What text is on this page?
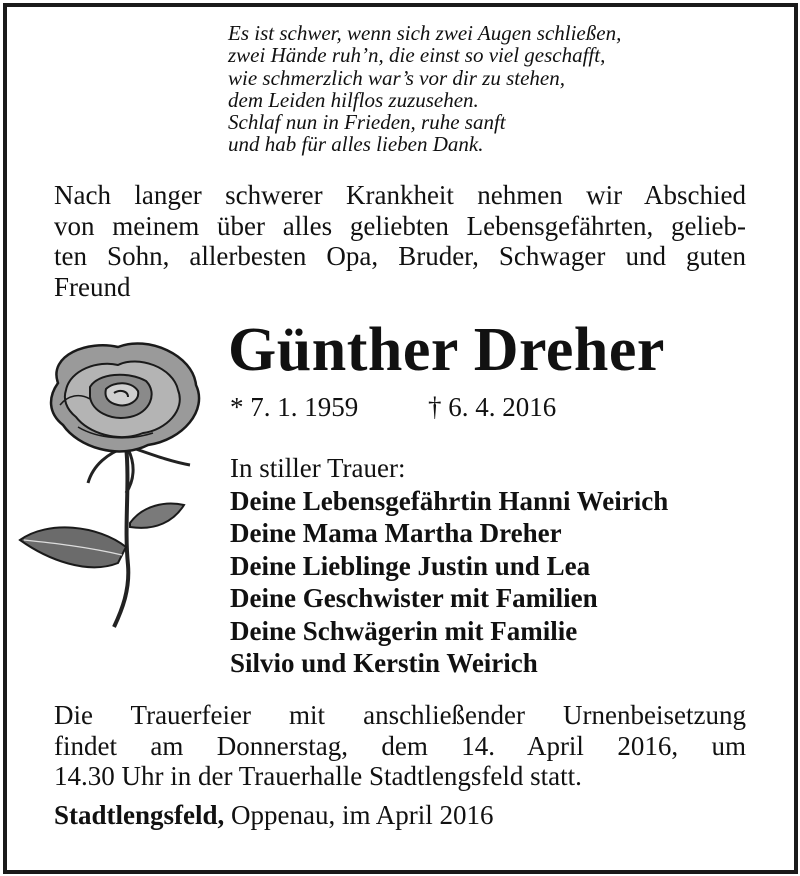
Es ist schwer, wenn sich zwei Augen schließen,
zwei Hände ruh’n, die einst so viel geschafft,
wie schmerzlich war’s vor dir zu stehen,
dem Leiden hilflos zuzusehen.
Schlaf nun in Frieden, ruhe sanft
und hab für alles lieben Dank.
Nach langer schwerer Krankheit nehmen wir Abschied
von meinem über alles geliebten Lebensgefährten, gelieb-
ten Sohn, allerbesten Opa, Bruder, Schwager und guten
Freund
Günther Dreher
* 7. 1. 1959	† 6. 4. 2016
In stiller Trauer:
Deine Lebensgefährtin Hanni Weirich
Deine Mama Martha Dreher
Deine Lieblinge Justin und Lea
Deine Geschwister mit Familien
Deine Schwägerin mit Familie
Silvio und Kerstin Weirich
Die Trauerfeier mit anschließender Urnenbeisetzung
findet am Donnerstag, dem 14. April 2016, um
14.30 Uhr in der Trauerhalle Stadtlengsfeld statt.
Stadtlengsfeld, Oppenau, im April 2016
